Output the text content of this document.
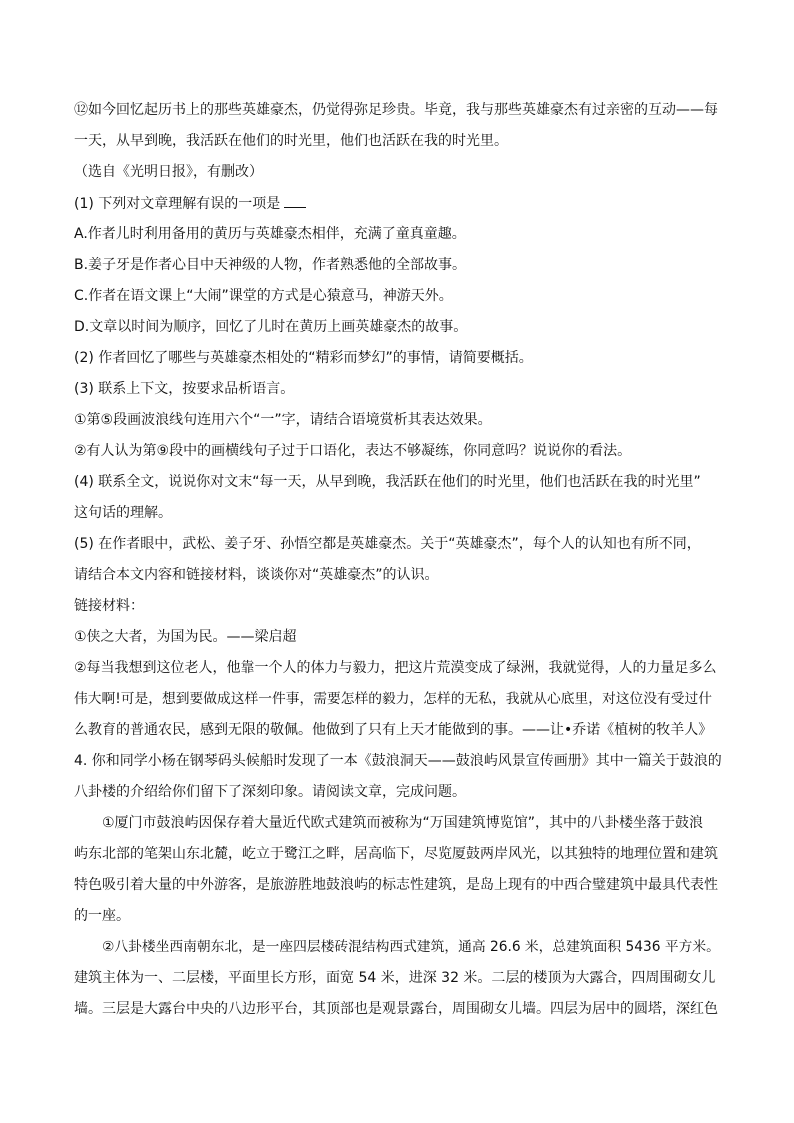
⑫如今回忆起历书上的那些英雄豪杰，仍觉得弥足珍贵。毕竟，我与那些英雄豪杰有过亲密的互动——每

一天，从早到晚，我活跃在他们的时光里，他们也活跃在我的时光里。

（选自《光明日报》，有删改）

(1) 下列对文章理解有误的一项是

A.作者儿时利用备用的黄历与英雄豪杰相伴，充满了童真童趣。

B.姜子牙是作者心目中天神级的人物，作者熟悉他的全部故事。

C.作者在语文课上“大闹”课堂的方式是心猿意马，神游天外。

D.文章以时间为顺序，回忆了儿时在黄历上画英雄豪杰的故事。

(2) 作者回忆了哪些与英雄豪杰相处的“精彩而梦幻”的事情，请简要概括。

(3) 联系上下文，按要求品析语言。

①第⑤段画波浪线句连用六个“一”字，请结合语境赏析其表达效果。

②有人认为第⑨段中的画横线句子过于口语化，表达不够凝练，你同意吗？说说你的看法。

(4) 联系全文，说说你对文末“每一天，从早到晚，我活跃在他们的时光里，他们也活跃在我的时光里”

这句话的理解。

(5) 在作者眼中，武松、姜子牙、孙悟空都是英雄豪杰。关于“英雄豪杰”，每个人的认知也有所不同，

请结合本文内容和链接材料，谈谈你对“英雄豪杰”的认识。

链接材料：

①侠之大者，为国为民。——梁启超

②每当我想到这位老人，他靠一个人的体力与毅力，把这片荒漠变成了绿洲，我就觉得，人的力量足多么

伟大啊!可是，想到要做成这样一件事，需要怎样的毅力，怎样的无私，我就从心底里，对这位没有受过什

么教育的普通农民，感到无限的敬佩。他做到了只有上天才能做到的事。——让•乔诺《植树的牧羊人》

4. 你和同学小杨在钢琴码头候船时发现了一本《鼓浪洞天——鼓浪屿风景宣传画册》其中一篇关于鼓浪的

八卦楼的介绍给你们留下了深刻印象。请阅读文章，完成问题。

①厦门市鼓浪屿因保存着大量近代欧式建筑而被称为“万国建筑博览馆”，其中的八卦楼坐落于鼓浪

屿东北部的笔架山东北麓，屹立于鹭江之畔，居高临下，尽览厦鼓两岸风光，以其独特的地理位置和建筑

特色吸引着大量的中外游客，是旅游胜地鼓浪屿的标志性建筑，是岛上现有的中西合璧建筑中最具代表性

的一座。

②八卦楼坐西南朝东北，是一座四层楼砖混结构西式建筑，通高 26.6 米，总建筑面积 5436 平方米。

建筑主体为一、二层楼，平面里长方形，面宽 54 米，进深 32 米。二层的楼顶为大露合，四周围砌女儿

墙。三层是大露台中央的八边形平台，其顶部也是观景露台，周围砌女儿墙。四层为居中的圆塔，深红色
